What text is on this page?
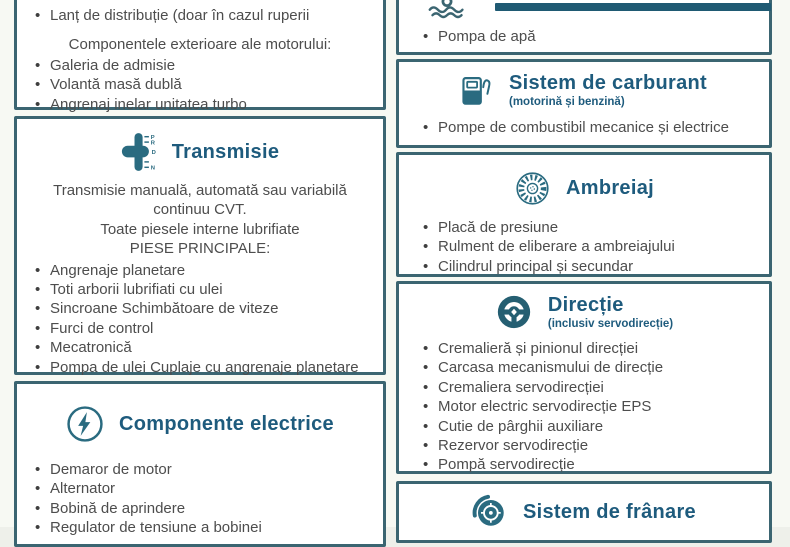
• Lanț de distribuție (doar în cazul ruperii
Componentele exterioare ale motorului:
• Galeria de admisie
• Volantă masă dublă
• Angrenaj inelar unitatea turbo
P
R
D
N
Transmisie
Transmisie manuală, automată sau variabilă continuu CVT.
Toate piesele interne lubrifiate
PIESE PRINCIPALE:
• Angrenaje planetare
• Toti arborii lubrifiati cu ulei
• Sincroane Schimbătoare de viteze
• Furci de control
• Mecatronică
• Pompa de ulei Cuplaje cu angrenaje planetare
Componente electrice
• Demaror de motor
• Alternator
• Bobină de aprindere
• Regulator de tensiune a bobinei
• Pompa de apă
Sistem de carburant
(motorină și benzină)
• Pompe de combustibil mecanice și electrice
Ambreiaj
• Placă de presiune
• Rulment de eliberare a ambreiajului
• Cilindrul principal și secundar
Direcție
(inclusiv servodirecție)
• Cremalieră și pinionul direcției
• Carcasa mecanismului de direcție
• Cremaliera servodirecției
• Motor electric servodirecție EPS
• Cutie de pârghii auxiliare
• Rezervor servodirecție
• Pompă servodirecție
Sistem de frânare
